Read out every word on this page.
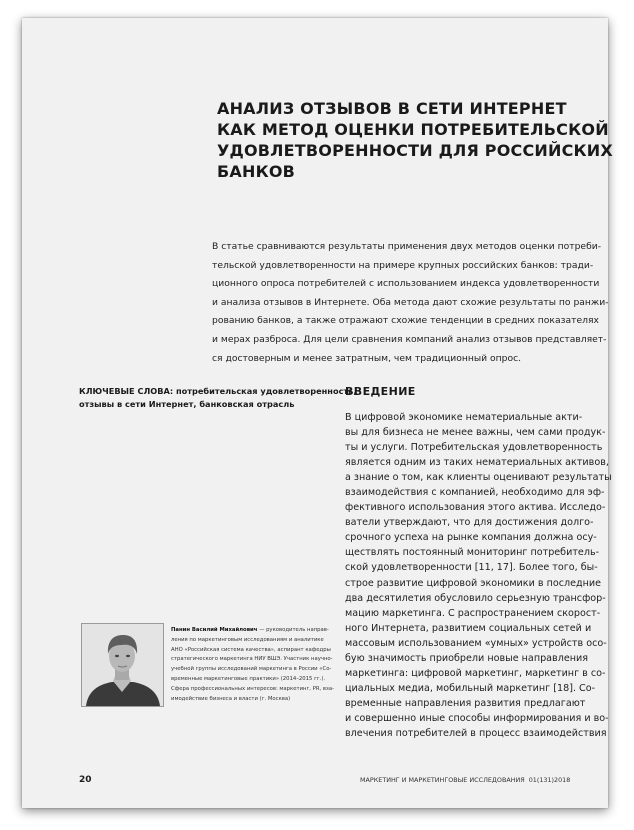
АНАЛИЗ ОТЗЫВОВ В СЕТИ ИНТЕРНЕТ
КАК МЕТОД ОЦЕНКИ ПОТРЕБИТЕЛЬСКОЙ
УДОВЛЕТВОРЕННОСТИ ДЛЯ РОССИЙСКИХ
БАНКОВ

В статье сравниваются результаты применения двух методов оценки потреби-
тельской удовлетворенности на примере крупных российских банков: тради-
ционного опроса потребителей с использованием индекса удовлетворенности
и анализа отзывов в Интернете. Оба метода дают схожие результаты по ранжи-
рованию банков, а также отражают схожие тенденции в средних показателях
и мерах разброса. Для цели сравнения компаний анализ отзывов представляет-
ся достоверным и менее затратным, чем традиционный опрос.

КЛЮЧЕВЫЕ СЛОВА: потребительская удовлетворенность,
отзывы в сети Интернет, банковская отрасль

ВВЕДЕНИЕ

В цифровой экономике нематериальные акти-
вы для бизнеса не менее важны, чем сами продук-
ты и услуги. Потребительская удовлетворенность
является одним из таких нематериальных активов,
а знание о том, как клиенты оценивают результаты
взаимодействия с компанией, необходимо для эф-
фективного использования этого актива. Исследо-
ватели утверждают, что для достижения долго-
срочного успеха на рынке компания должна осу-
ществлять постоянный мониторинг потребитель-
ской удовлетворенности [11, 17]. Более того, бы-
строе развитие цифровой экономики в последние
два десятилетия обусловило серьезную трансфор-
мацию маркетинга. С распространением скорост-
ного Интернета, развитием социальных сетей и
массовым использованием «умных» устройств осо-
бую значимость приобрели новые направления
маркетинга: цифровой маркетинг, маркетинг в со-
циальных медиа, мобильный маркетинг [18]. Со-
временные направления развития предлагают
и совершенно иные способы информирования и во-
влечения потребителей в процесс взаимодействия

Панин Василий Михайлович — руководитель направ-
ления по маркетинговым исследованиям и аналитике
АНО «Российская система качества», аспирант кафедры
стратегического маркетинга НИУ ВШЭ. Участник научно-
учебной группы исследований маркетинга в России «Со-
временные маркетинговые практики» (2014–2015 гг.).
Сфера профессиональных интересов: маркетинг, PR, вза-
имодействие бизнеса и власти (г. Москва)

20	МАРКЕТИНГ И МАРКЕТИНГОВЫЕ ИССЛЕДОВАНИЯ 01(131)2018
